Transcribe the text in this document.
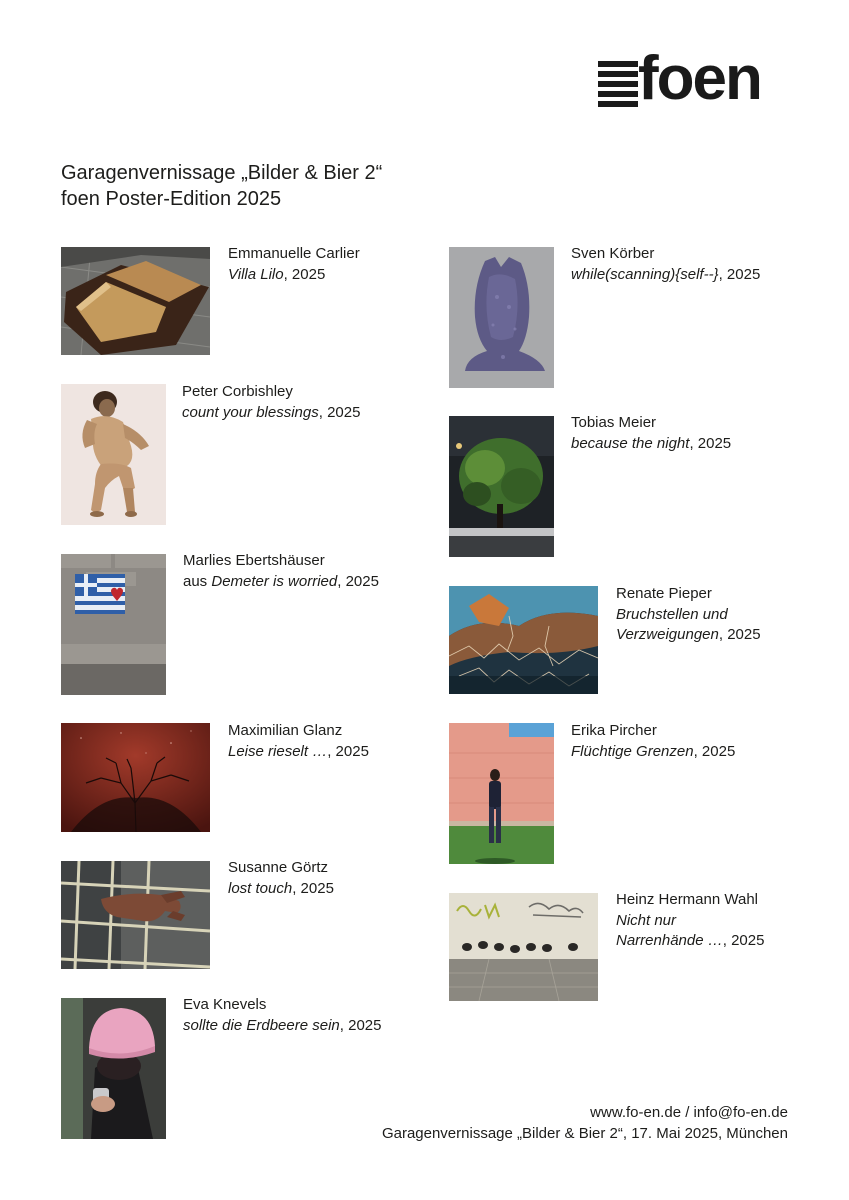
foen
Garagenvernissage „Bilder & Bier 2“
foen Poster-Edition 2025
Emmanuelle Carlier
Villa Lilo, 2025
Peter Corbishley
count your blessings, 2025
Marlies Ebertshäuser
aus Demeter is worried, 2025
Maximilian Glanz
Leise rieselt …, 2025
Susanne Görtz
lost touch, 2025
Eva Knevels
sollte die Erdbeere sein, 2025
Sven Körber
while(scanning){self--}, 2025
Tobias Meier
because the night, 2025
Renate Pieper
Bruchstellen und
Verzweigungen, 2025
Erika Pircher
Flüchtige Grenzen, 2025
Heinz Hermann Wahl
Nicht nur
Narrenhände …, 2025
www.fo-en.de / info@fo-en.de
Garagenvernissage „Bilder & Bier 2“, 17. Mai 2025, München
